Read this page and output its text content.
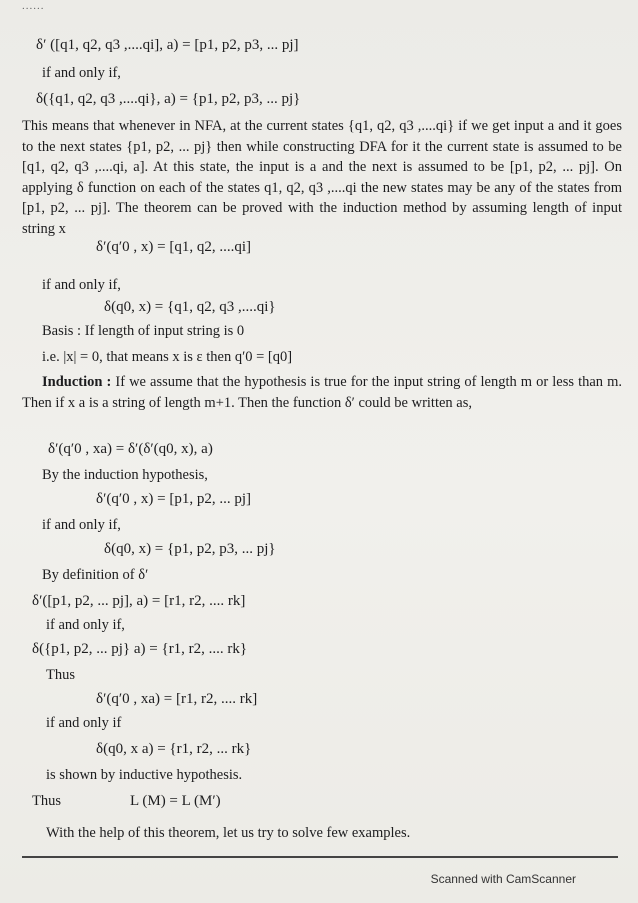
......
δ′ ([q1, q2, q3 ,....qi], a) = [p1, p2, p3, ... pj]
if and only if,
δ({q1, q2, q3 ,....qi}, a) = {p1, p2, p3, ... pj}
This means that whenever in NFA, at the current states {q1, q2, q3 ,....qi} if we get input a and it goes to the next states {p1, p2, ... pj} then while constructing DFA for it the current state is assumed to be [q1, q2, q3 ,....qi, a]. At this state, the input is a and the next is assumed to be [p1, p2, ... pj]. On applying δ function on each of the states q1, q2, q3 ,....qi the new states may be any of the states from [p1, p2, ... pj]. The theorem can be proved with the induction method by assuming length of input string x
δ′(q′0 , x) = [q1, q2, ....qi]
if and only if,
δ(q0, x) = {q1, q2, q3 ,....qi}
Basis : If length of input string is 0
i.e. |x| = 0, that means x is ε then q′0 = [q0]
Induction : If we assume that the hypothesis is true for the input string of length m or less than m. Then if x a is a string of length m+1. Then the function δ′ could be written as,
δ′(q′0 , xa) = δ′(δ′(q0, x), a)
By the induction hypothesis,
δ′(q′0 , x) = [p1, p2, ... pj]
if and only if,
δ(q0, x) = {p1, p2, p3, ... pj}
By definition of δ′
δ′([p1, p2, ... pj], a) = [r1, r2, .... rk]
if and only if,
δ({p1, p2, ... pj} a) = {r1, r2, .... rk}
Thus
δ′(q′0 , xa) = [r1, r2, .... rk]
if and only if
δ(q0, x a) = {r1, r2, ... rk}
is shown by inductive hypothesis.
Thus	L (M) = L (M′)
With the help of this theorem, let us try to solve few examples.
Scanned with CamScanner
